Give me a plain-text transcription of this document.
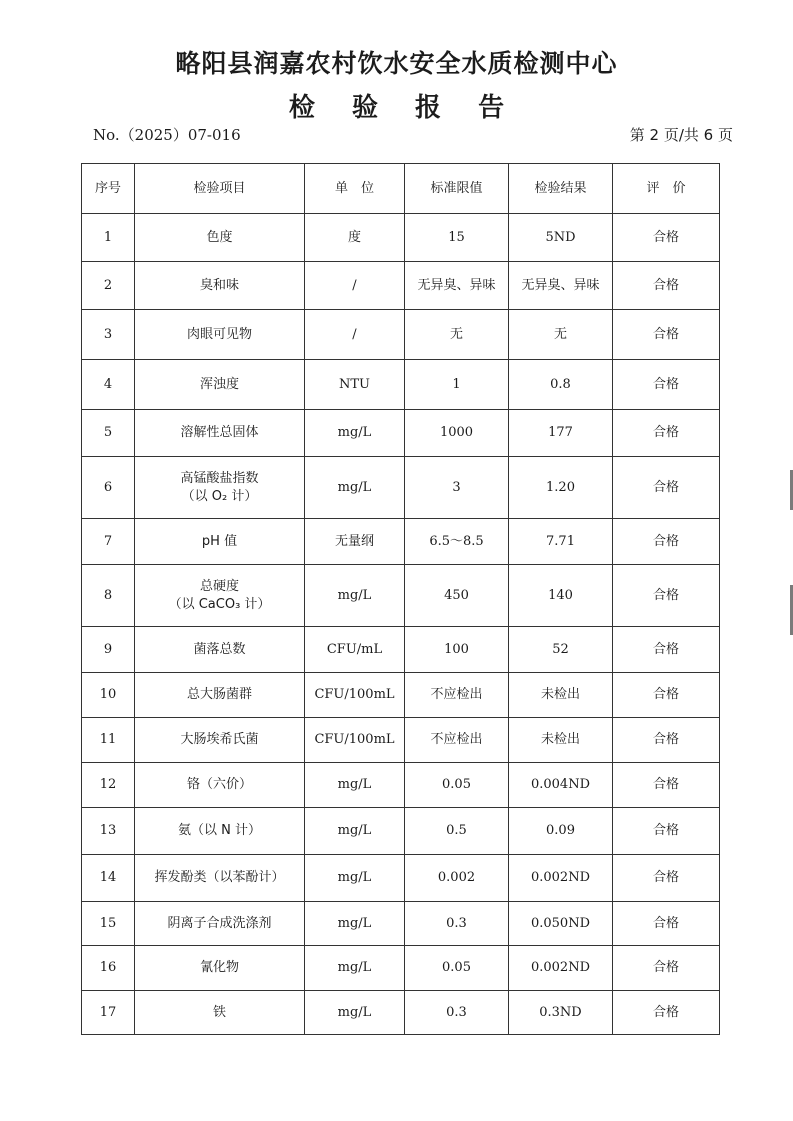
略阳县润嘉农村饮水安全水质检测中心
检 验 报 告
No.（2025）07-016	第 2 页/共 6 页
序号	检验项目	单　位	标准限值	检验结果	评　价
1	色度	度	15	5ND	合格
2	臭和味	/	无异臭、异味	无异臭、异味	合格
3	肉眼可见物	/	无	无	合格
4	浑浊度	NTU	1	0.8	合格
5	溶解性总固体	mg/L	1000	177	合格
6	高锰酸盐指数
（以 O₂ 计）	mg/L	3	1.20	合格
7	pH 值	无量纲	6.5～8.5	7.71	合格
8	总硬度
（以 CaCO₃ 计）	mg/L	450	140	合格
9	菌落总数	CFU/mL	100	52	合格
10	总大肠菌群	CFU/100mL	不应检出	未检出	合格
11	大肠埃希氏菌	CFU/100mL	不应检出	未检出	合格
12	铬（六价）	mg/L	0.05	0.004ND	合格
13	氨（以 N 计）	mg/L	0.5	0.09	合格
14	挥发酚类（以苯酚计）	mg/L	0.002	0.002ND	合格
15	阴离子合成洗涤剂	mg/L	0.3	0.050ND	合格
16	氰化物	mg/L	0.05	0.002ND	合格
17	铁	mg/L	0.3	0.3ND	合格
